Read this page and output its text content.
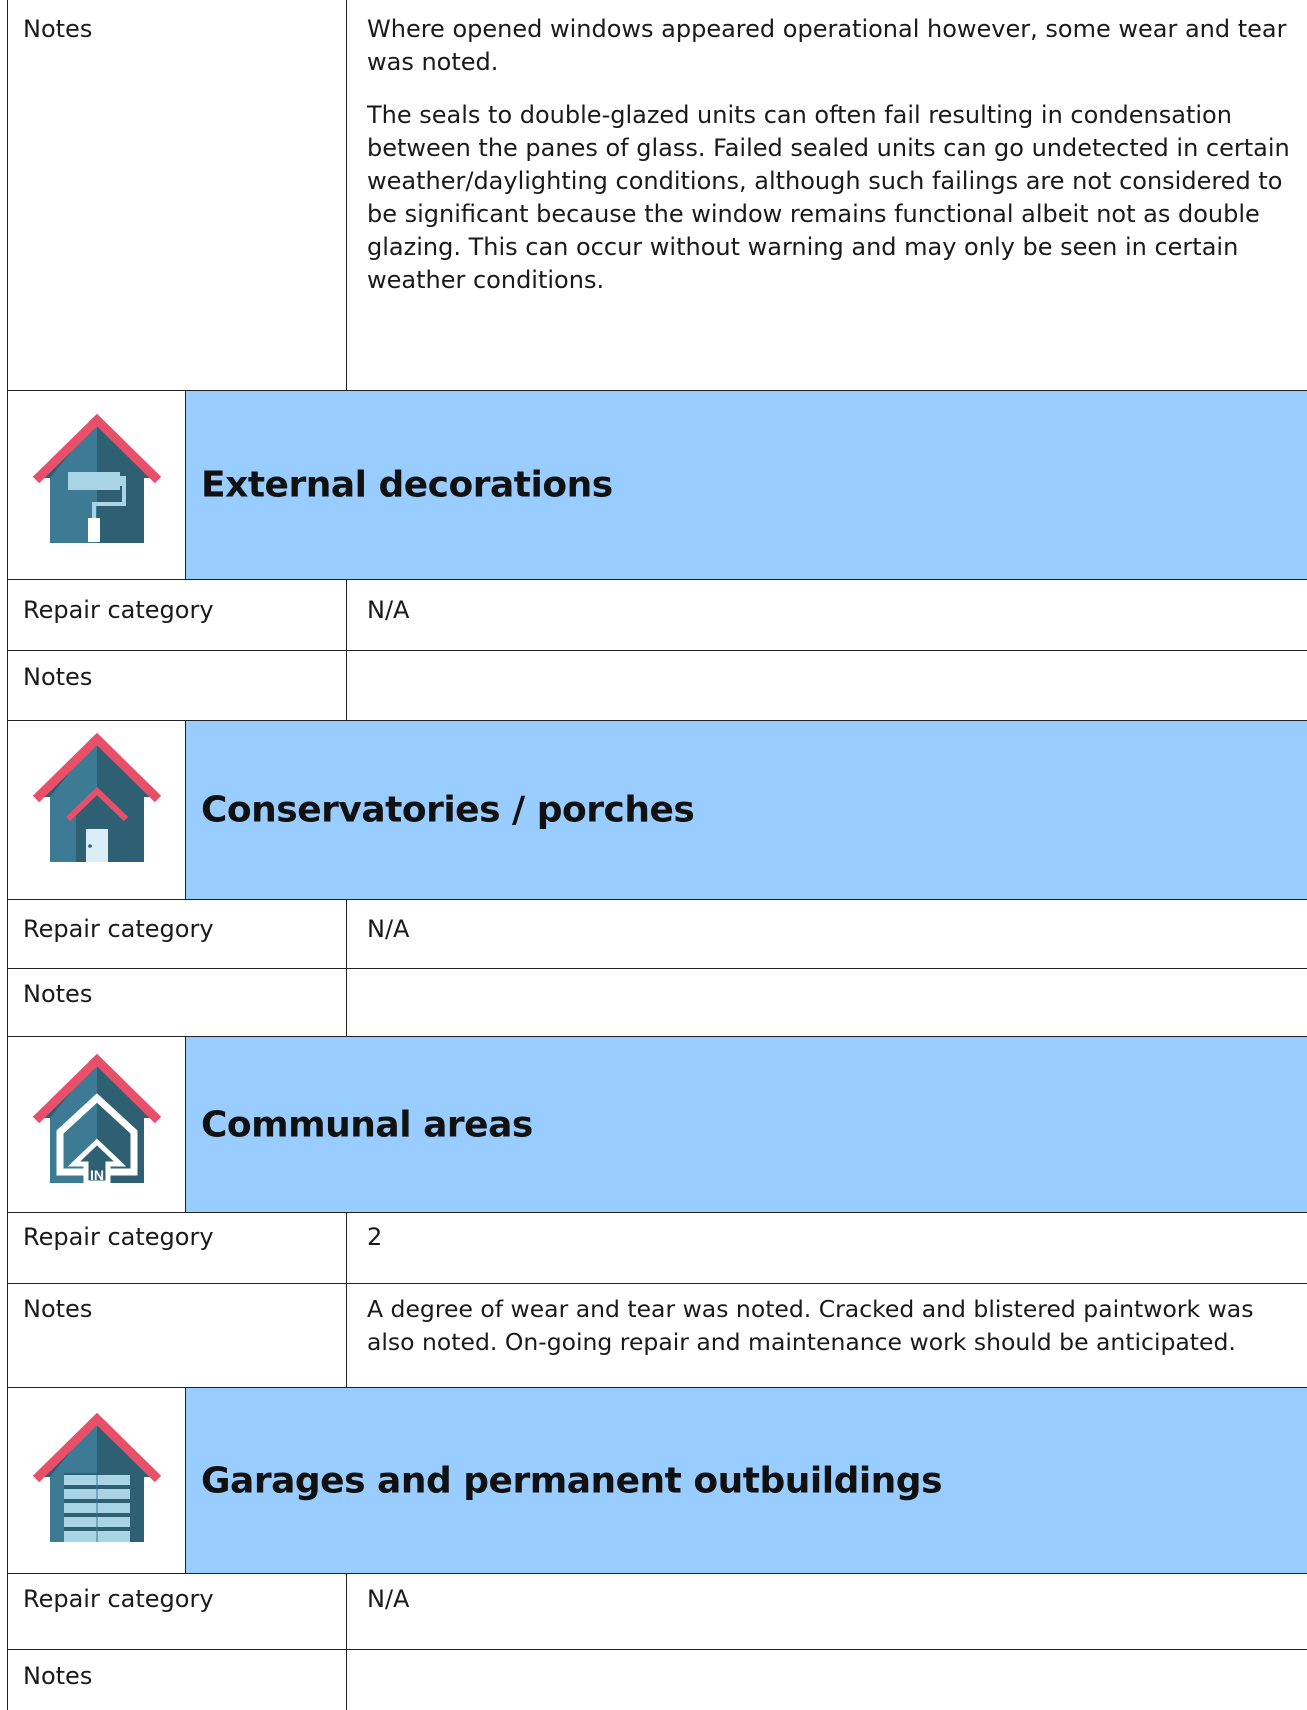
Notes	Where opened windows appeared operational however, some wear and tear was noted.

The seals to double-glazed units can often fail resulting in condensation between the panes of glass. Failed sealed units can go undetected in certain weather/daylighting conditions, although such failings are not considered to be significant because the window remains functional albeit not as double glazing. This can occur without warning and may only be seen in certain weather conditions.

External decorations
Repair category	N/A
Notes
Conservatories / porches
Repair category	N/A
Notes
IN
Communal areas
Repair category	2
Notes	A degree of wear and tear was noted. Cracked and blistered paintwork was also noted. On-going repair and maintenance work should be anticipated.
Garages and permanent outbuildings
Repair category	N/A
Notes
